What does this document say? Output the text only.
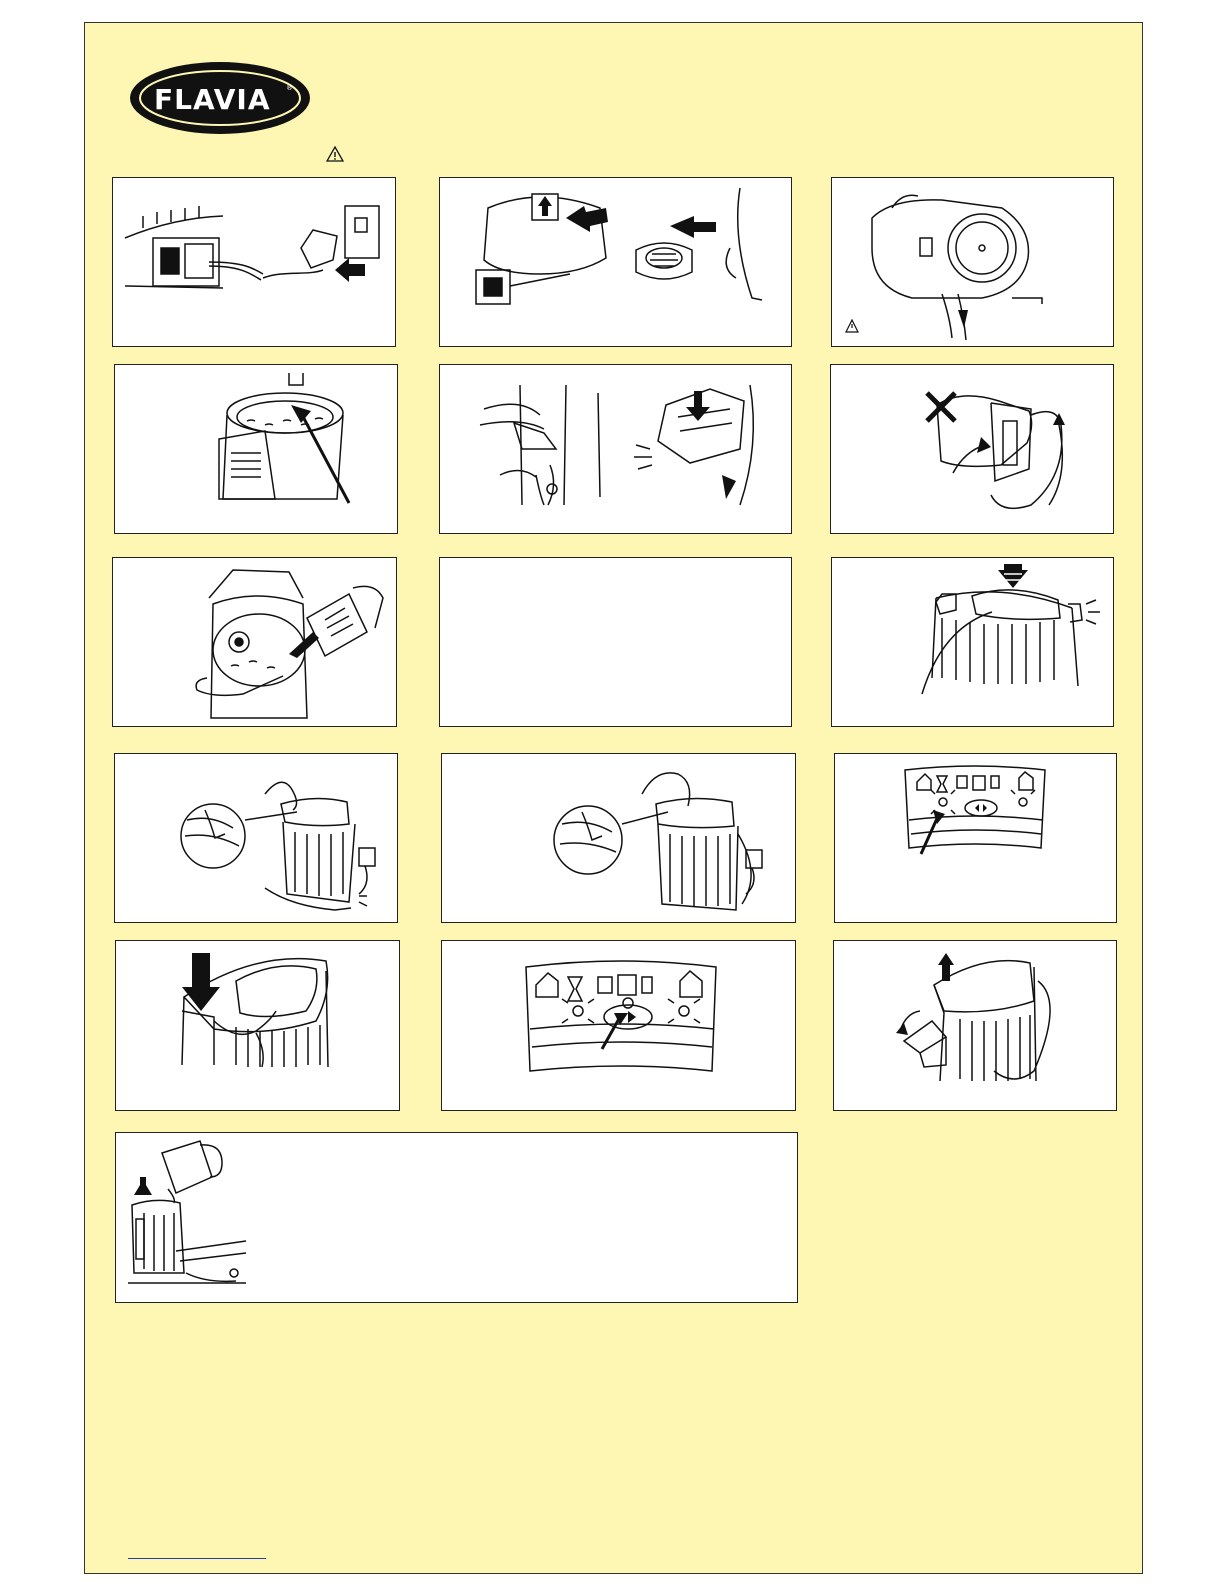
FLAVIA ®
